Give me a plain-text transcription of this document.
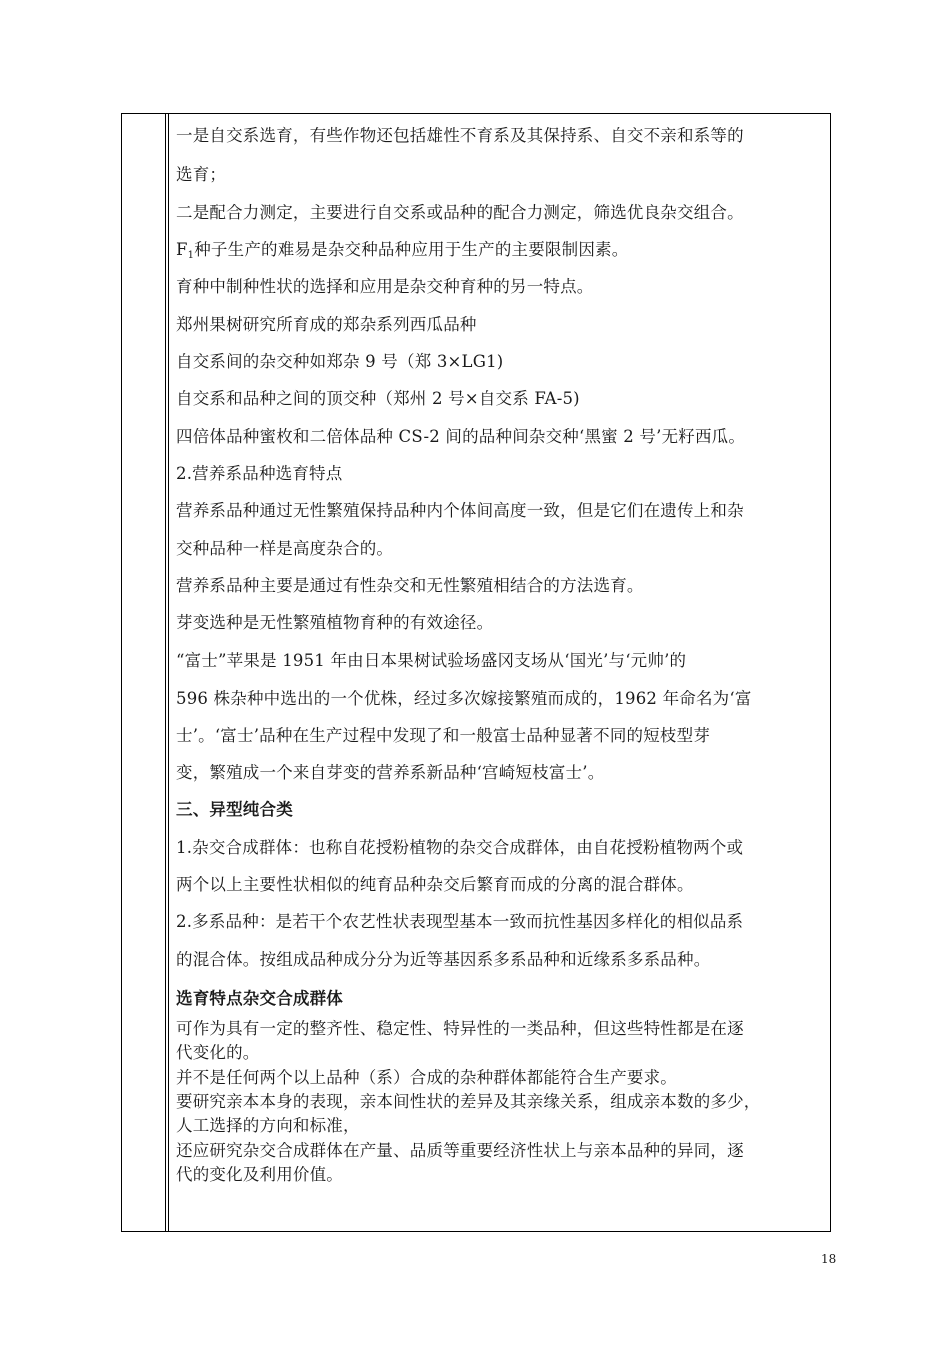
一是自交系选育，有些作物还包括雄性不育系及其保持系、自交不亲和系等的
选育；
二是配合力测定，主要进行自交系或品种的配合力测定，筛选优良杂交组合。
$F_1$种子生产的难易是杂交种品种应用于生产的主要限制因素。
育种中制种性状的选择和应用是杂交种育种的另一特点。
郑州果树研究所育成的郑杂系列西瓜品种
自交系间的杂交种如郑杂 9 号（郑 3×LG1)
自交系和品种之间的顶交种（郑州 2 号×自交系 FA-5)
四倍体品种蜜枚和二倍体品种 CS-2 间的品种间杂交种‘黑蜜 2 号’无籽西瓜。
2.营养系品种选育特点
营养系品种通过无性繁殖保持品种内个体间高度一致，但是它们在遗传上和杂
交种品种一样是高度杂合的。
营养系品种主要是通过有性杂交和无性繁殖相结合的方法选育。
芽变选种是无性繁殖植物育种的有效途径。
“富士”苹果是 1951 年由日本果树试验场盛冈支场从‘国光’与‘元帅’的
596 株杂种中选出的一个优株，经过多次嫁接繁殖而成的，1962 年命名为‘富
士’。‘富士’品种在生产过程中发现了和一般富士品种显著不同的短枝型芽
变，繁殖成一个来自芽变的营养系新品种‘宫崎短枝富士’。
三、异型纯合类
1.杂交合成群体：也称自花授粉植物的杂交合成群体，由自花授粉植物两个或
两个以上主要性状相似的纯育品种杂交后繁育而成的分离的混合群体。
2.多系品种：是若干个农艺性状表现型基本一致而抗性基因多样化的相似品系
的混合体。按组成品种成分分为近等基因系多系品种和近缘系多系品种。
选育特点杂交合成群体
可作为具有一定的整齐性、稳定性、特异性的一类品种，但这些特性都是在逐
代变化的。
并不是任何两个以上品种（系）合成的杂种群体都能符合生产要求。
要研究亲本本身的表现，亲本间性状的差异及其亲缘关系，组成亲本数的多少，
人工选择的方向和标准，
还应研究杂交合成群体在产量、品质等重要经济性状上与亲本品种的异同，逐
代的变化及利用价值。
18
